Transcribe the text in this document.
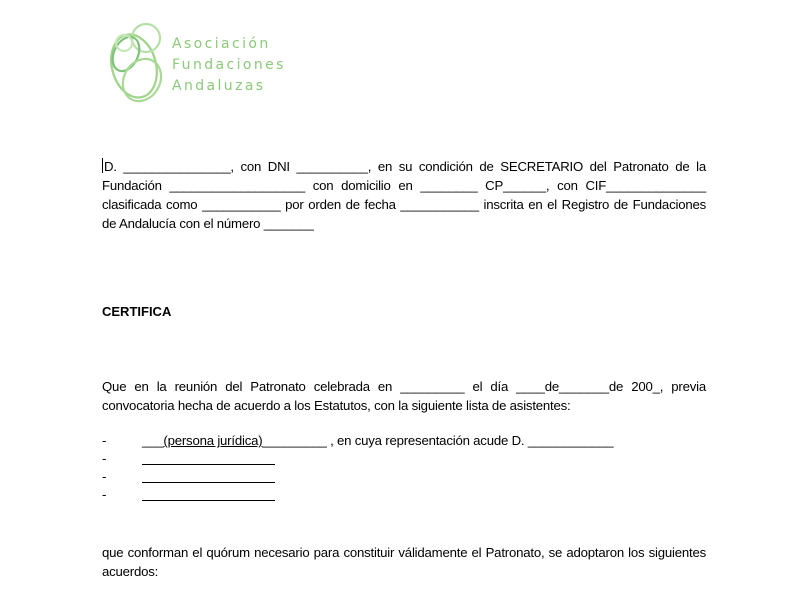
Asociación
Fundaciones
Andaluzas
D. _______________, con DNI __________, en su condición de SECRETARIO del Patronato de la Fundación ___________________ con domicilio en ________ CP______, con CIF______________ clasificada como ___________ por orden de fecha ___________ inscrita en el Registro de Fundaciones de Andalucía con el número _______
CERTIFICA
Que en la reunión del Patronato celebrada en _________ el día ____de_______de 200_, previa convocatoria hecha de acuerdo a los Estatutos, con la siguiente lista de asistentes:
-	___(persona jurídica)_________ , en cuya representación acude D. ____________
-
-
-
que conforman el quórum necesario para constituir válidamente el Patronato, se adoptaron los siguientes acuerdos:
